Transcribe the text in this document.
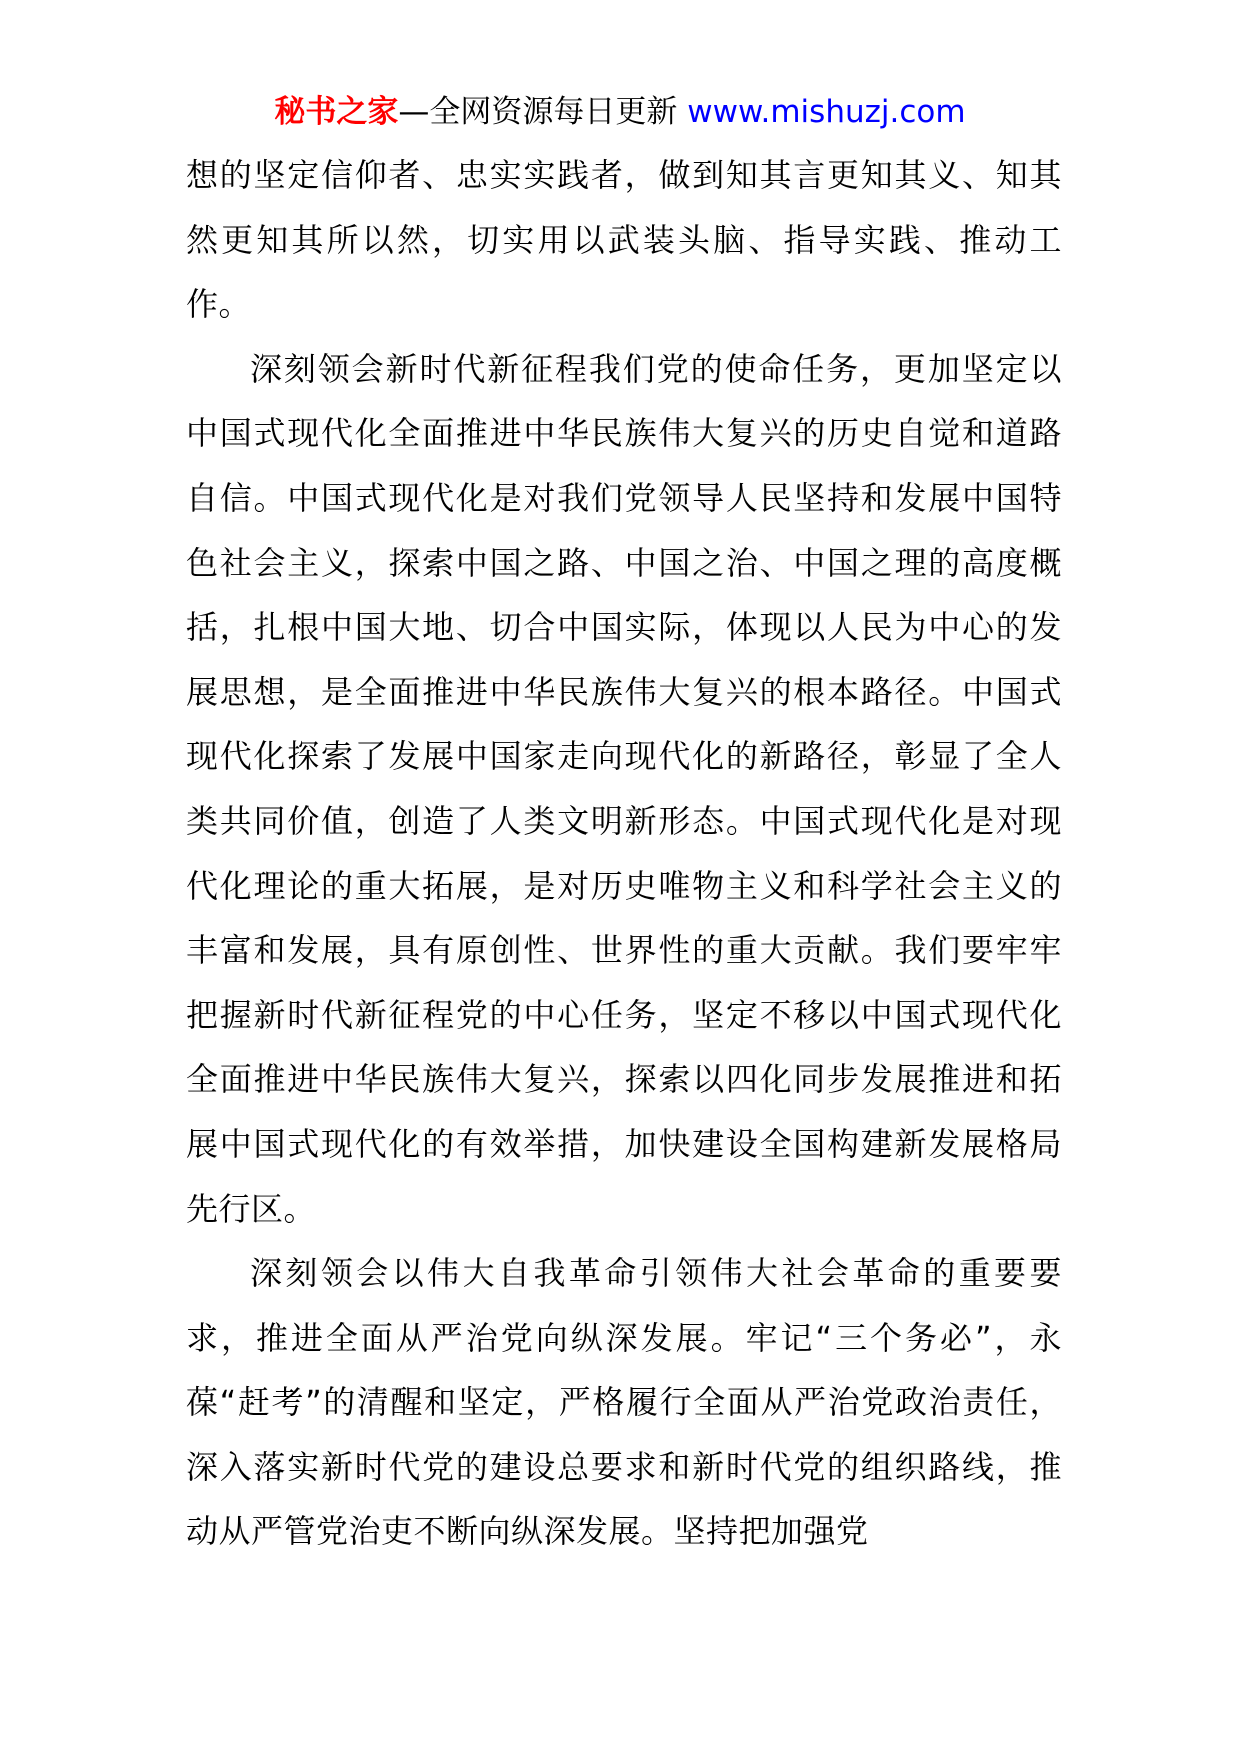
秘书之家—全网资源每日更新 www.mishuzj.com

想的坚定信仰者、忠实实践者，做到知其言更知其义、知其然更知其所以然，切实用以武装头脑、指导实践、推动工作。

深刻领会新时代新征程我们党的使命任务，更加坚定以中国式现代化全面推进中华民族伟大复兴的历史自觉和道路自信。中国式现代化是对我们党领导人民坚持和发展中国特色社会主义，探索中国之路、中国之治、中国之理的高度概括，扎根中国大地、切合中国实际，体现以人民为中心的发展思想，是全面推进中华民族伟大复兴的根本路径。中国式现代化探索了发展中国家走向现代化的新路径，彰显了全人类共同价值，创造了人类文明新形态。中国式现代化是对现代化理论的重大拓展，是对历史唯物主义和科学社会主义的丰富和发展，具有原创性、世界性的重大贡献。我们要牢牢把握新时代新征程党的中心任务，坚定不移以中国式现代化全面推进中华民族伟大复兴，探索以四化同步发展推进和拓展中国式现代化的有效举措，加快建设全国构建新发展格局先行区。

深刻领会以伟大自我革命引领伟大社会革命的重要要求，推进全面从严治党向纵深发展。牢记“三个务必”，永葆“赶考”的清醒和坚定，严格履行全面从严治党政治责任，深入落实新时代党的建设总要求和新时代党的组织路线，推动从严管党治吏不断向纵深发展。坚持把加强党
